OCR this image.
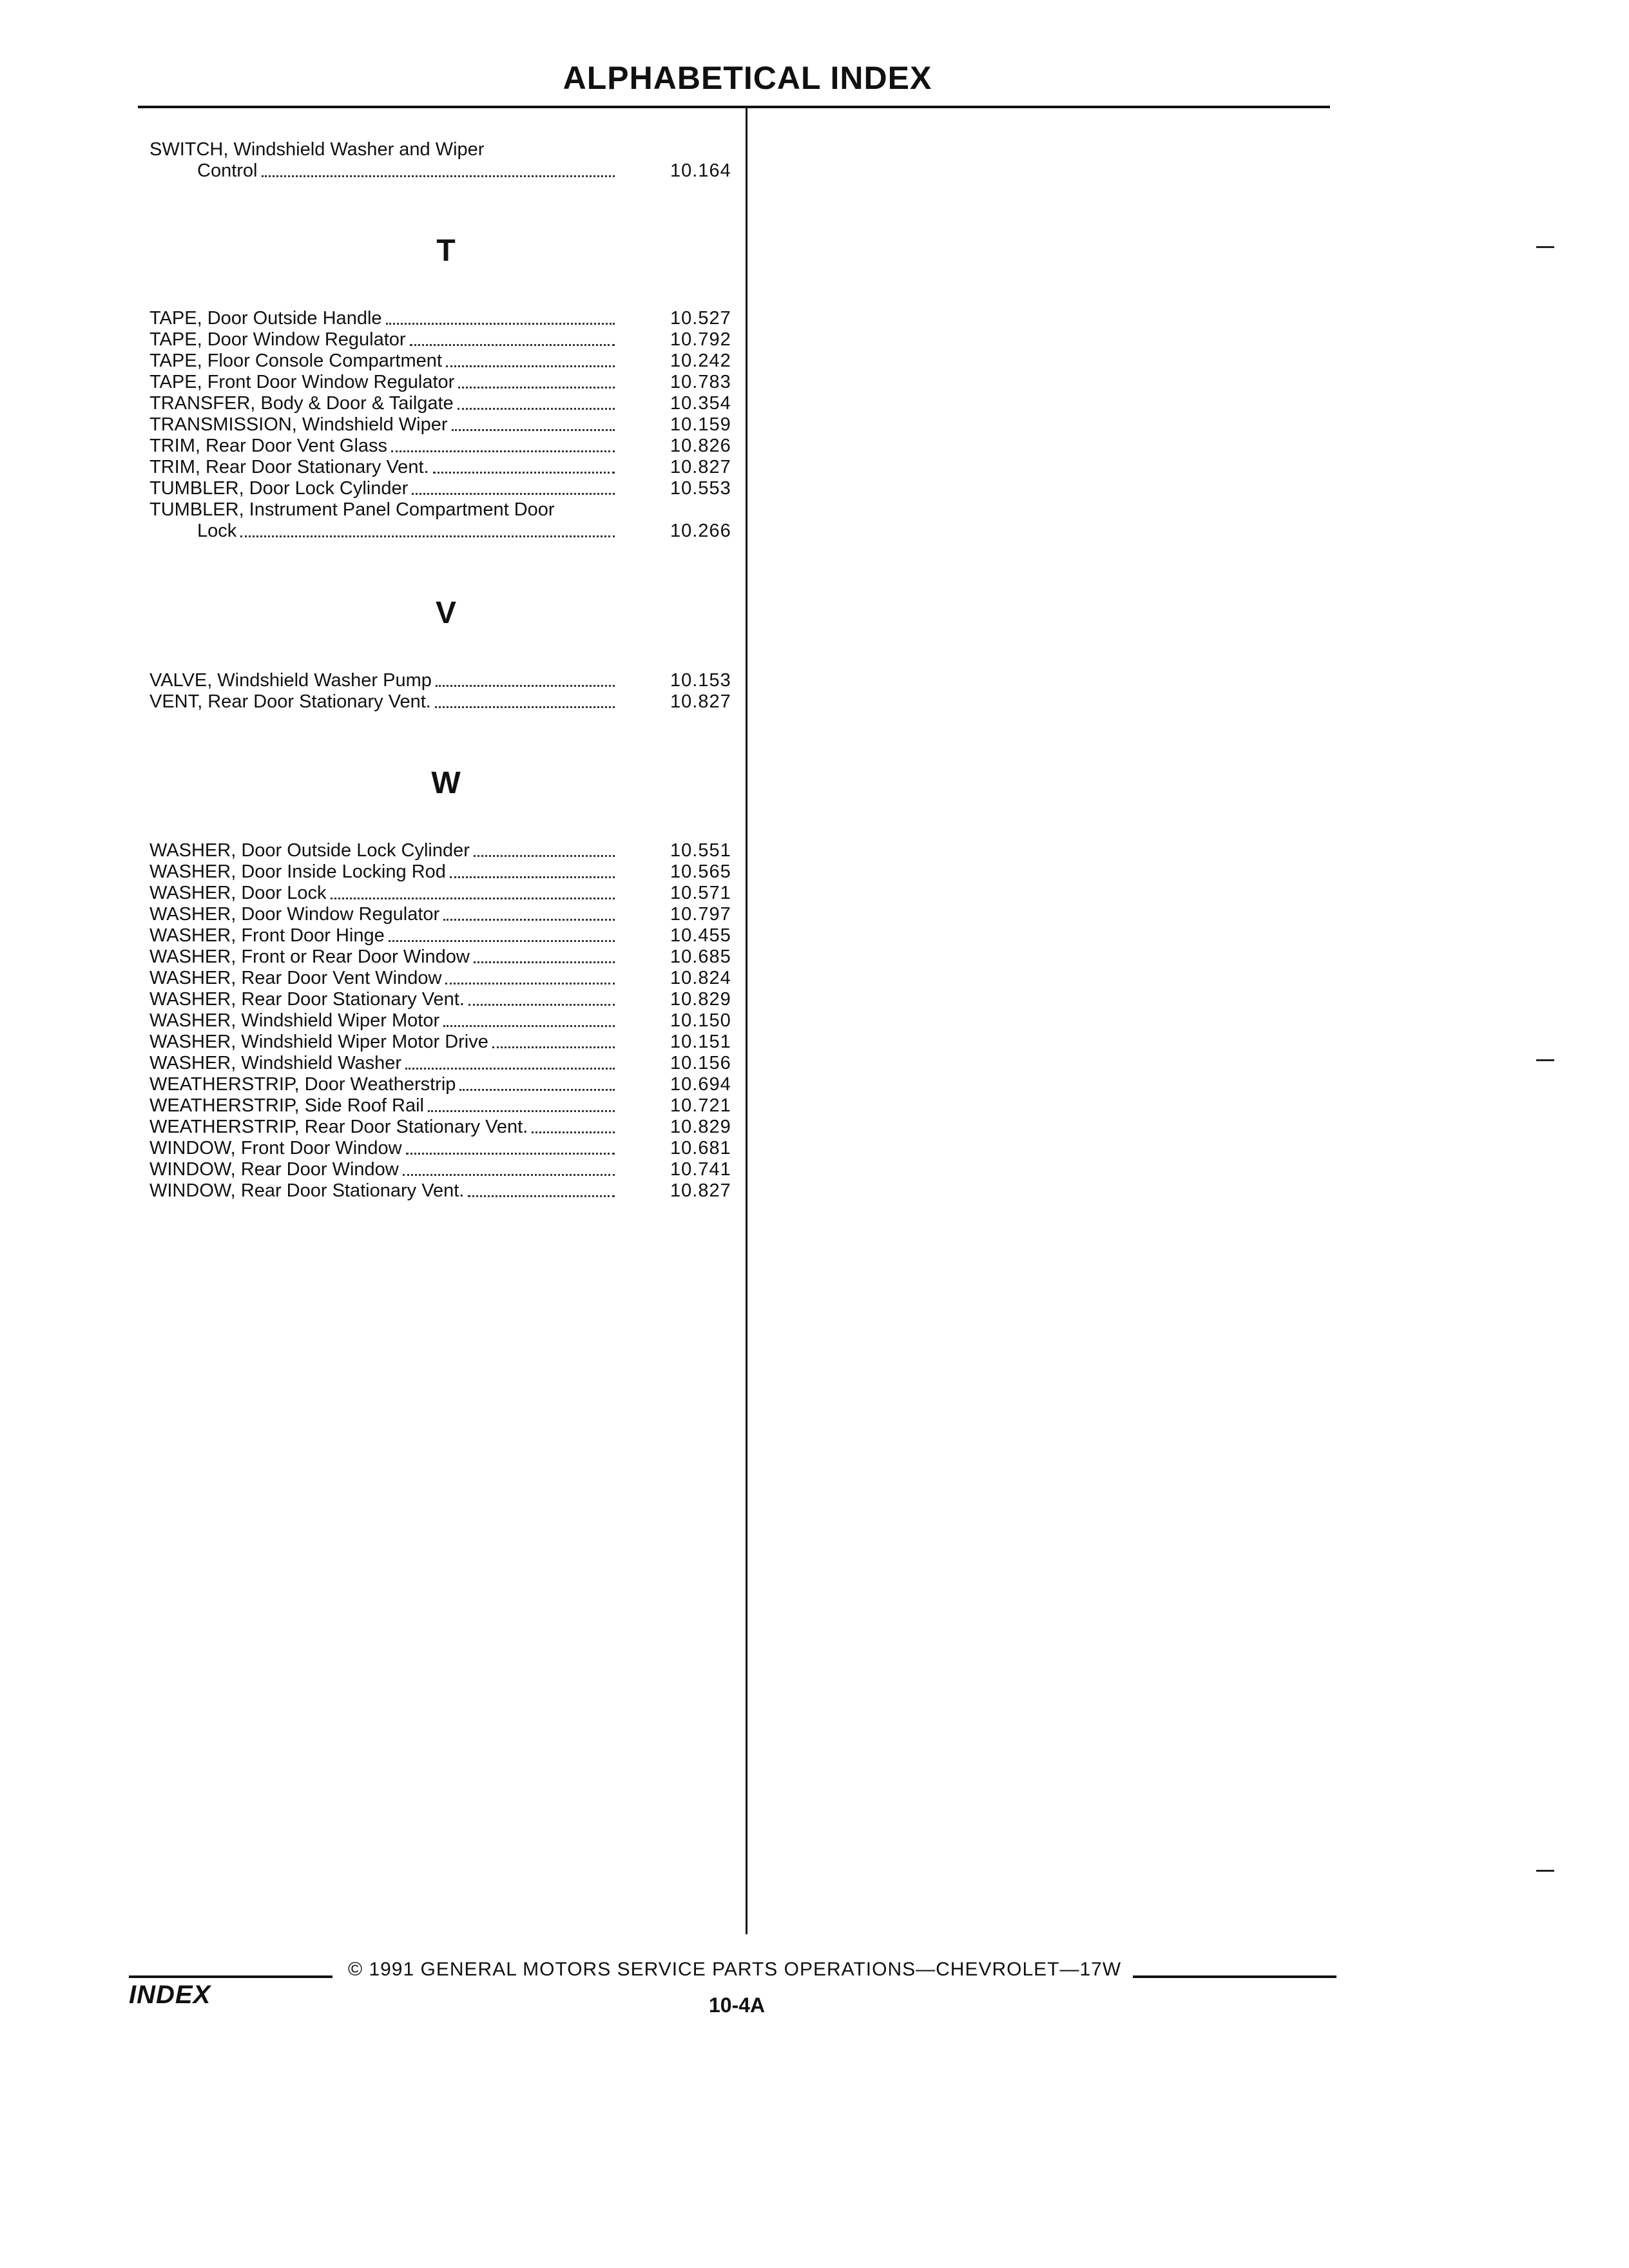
ALPHABETICAL INDEX
SWITCH, Windshield Washer and Wiper
Control	10.164
T
TAPE, Door Outside Handle	10.527
TAPE, Door Window Regulator	10.792
TAPE, Floor Console Compartment	10.242
TAPE, Front Door Window Regulator	10.783
TRANSFER, Body & Door & Tailgate	10.354
TRANSMISSION, Windshield Wiper	10.159
TRIM, Rear Door Vent Glass	10.826
TRIM, Rear Door Stationary Vent.	10.827
TUMBLER, Door Lock Cylinder	10.553
TUMBLER, Instrument Panel Compartment Door
Lock	10.266
V
VALVE, Windshield Washer Pump	10.153
VENT, Rear Door Stationary Vent.	10.827
W
WASHER, Door Outside Lock Cylinder	10.551
WASHER, Door Inside Locking Rod	10.565
WASHER, Door Lock	10.571
WASHER, Door Window Regulator	10.797
WASHER, Front Door Hinge	10.455
WASHER, Front or Rear Door Window	10.685
WASHER, Rear Door Vent Window	10.824
WASHER, Rear Door Stationary Vent.	10.829
WASHER, Windshield Wiper Motor	10.150
WASHER, Windshield Wiper Motor Drive	10.151
WASHER, Windshield Washer	10.156
WEATHERSTRIP, Door Weatherstrip	10.694
WEATHERSTRIP, Side Roof Rail	10.721
WEATHERSTRIP, Rear Door Stationary Vent.	10.829
WINDOW, Front Door Window	10.681
WINDOW, Rear Door Window	10.741
WINDOW, Rear Door Stationary Vent.	10.827
© 1991 GENERAL MOTORS SERVICE PARTS OPERATIONS—CHEVROLET—17W
INDEX	10-4A
